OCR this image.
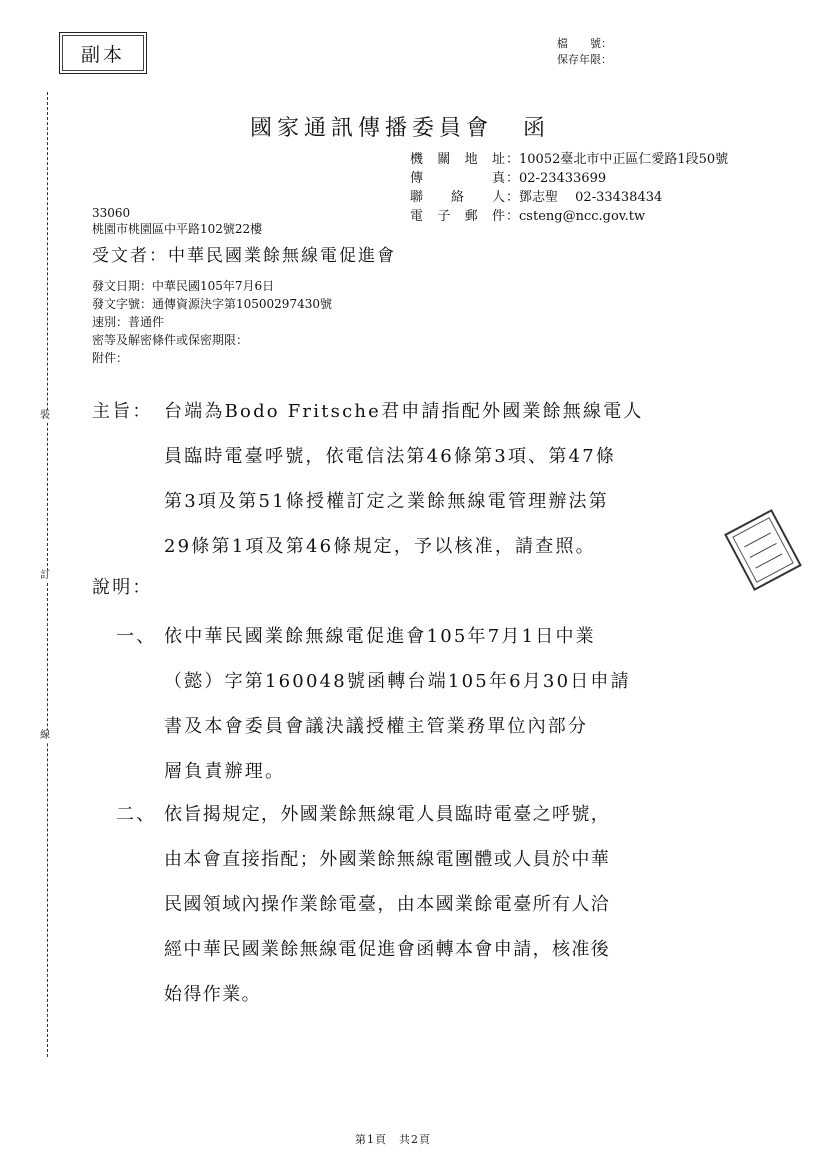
副本	檔　　號：
保存年限：
國家通訊傳播委員會 函
機關地址：10052臺北市中正區仁愛路1段50號
傳　　真：02-23433699
聯 絡 人：鄧志聖　 02-33438434
電子郵件：csteng@ncc.gov.tw
33060
桃園市桃園區中平路102號22樓
受文者：中華民國業餘無線電促進會
發文日期：中華民國105年7月6日
發文字號：通傳資源決字第10500297430號
速別：普通件
密等及解密條件或保密期限：
附件：
裝
訂
線
主旨： 台端為Bodo Fritsche君申請指配外國業餘無線電人
員臨時電臺呼號，依電信法第46條第3項、第47條
第3項及第51條授權訂定之業餘無線電管理辦法第
29條第1項及第46條規定，予以核准，請查照。
說明：
一、 依中華民國業餘無線電促進會105年7月1日中業
（懿）字第160048號函轉台端105年6月30日申請
書及本會委員會議決議授權主管業務單位內部分
層負責辦理。
二、 依旨揭規定，外國業餘無線電人員臨時電臺之呼號，
由本會直接指配；外國業餘無線電團體或人員於中華
民國領域內操作業餘電臺，由本國業餘電臺所有人洽
經中華民國業餘無線電促進會函轉本會申請，核准後
始得作業。
第1頁　共2頁
